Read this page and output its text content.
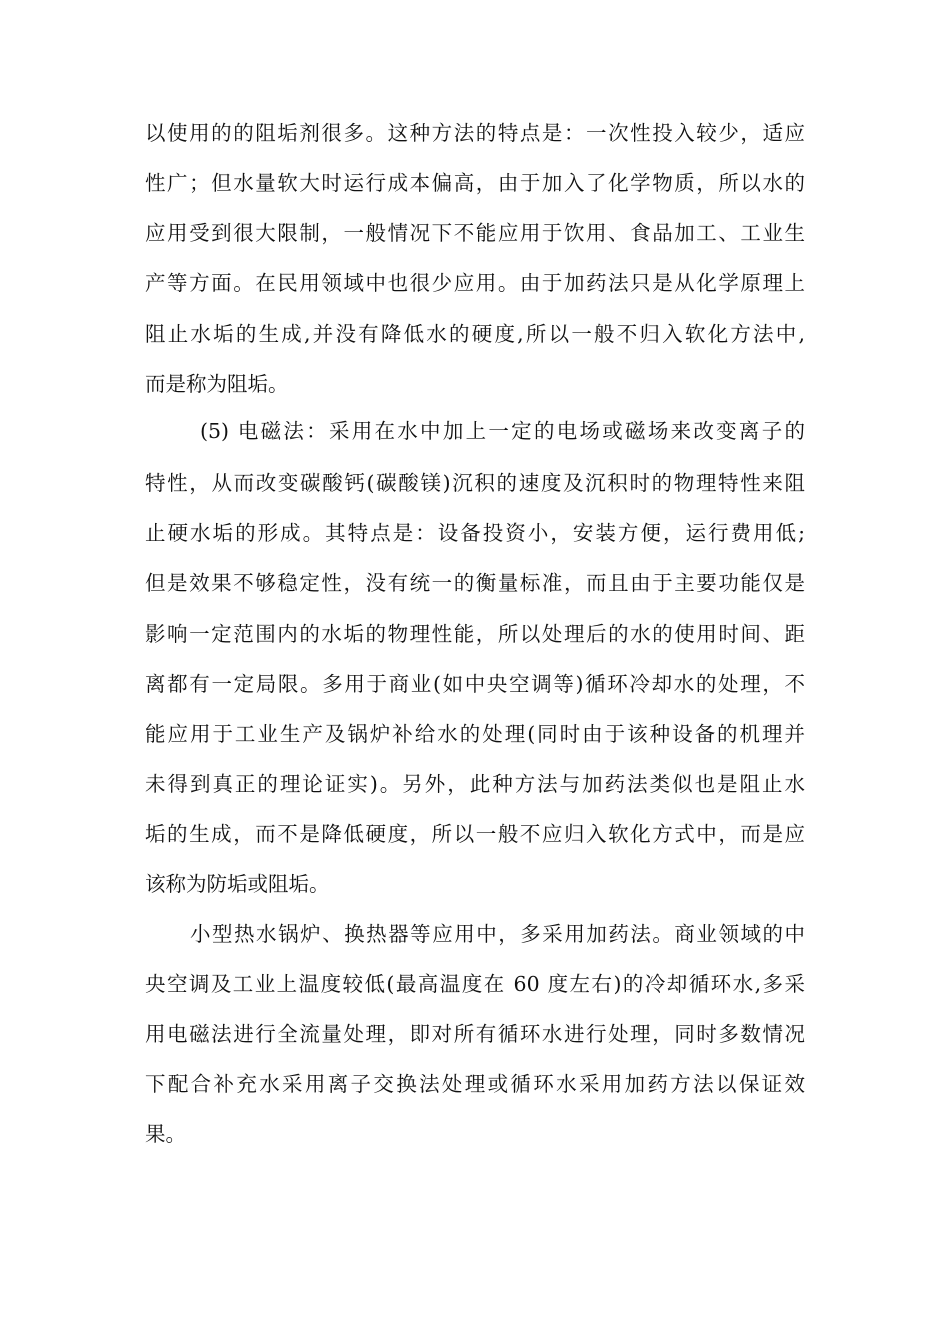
以使用的的阻垢剂很多。这种方法的特点是：一次性投入较少，适应
性广；但水量软大时运行成本偏高，由于加入了化学物质，所以水的
应用受到很大限制，一般情况下不能应用于饮用、食品加工、工业生
产等方面。在民用领域中也很少应用。由于加药法只是从化学原理上
阻止水垢的生成,并没有降低水的硬度,所以一般不归入软化方法中,
而是称为阻垢。
(5) 电磁法：采用在水中加上一定的电场或磁场来改变离子的
特性，从而改变碳酸钙(碳酸镁)沉积的速度及沉积时的物理特性来阻
止硬水垢的形成。其特点是：设备投资小，安装方便，运行费用低;
但是效果不够稳定性，没有统一的衡量标准，而且由于主要功能仅是
影响一定范围内的水垢的物理性能，所以处理后的水的使用时间、距
离都有一定局限。多用于商业(如中央空调等)循环冷却水的处理，不
能应用于工业生产及锅炉补给水的处理(同时由于该种设备的机理并
未得到真正的理论证实)。另外，此种方法与加药法类似也是阻止水
垢的生成，而不是降低硬度，所以一般不应归入软化方式中，而是应
该称为防垢或阻垢。
小型热水锅炉、换热器等应用中，多采用加药法。商业领域的中
央空调及工业上温度较低(最高温度在 60 度左右)的冷却循环水,多采
用电磁法进行全流量处理，即对所有循环水进行处理，同时多数情况
下配合补充水采用离子交换法处理或循环水采用加药方法以保证效
果。
